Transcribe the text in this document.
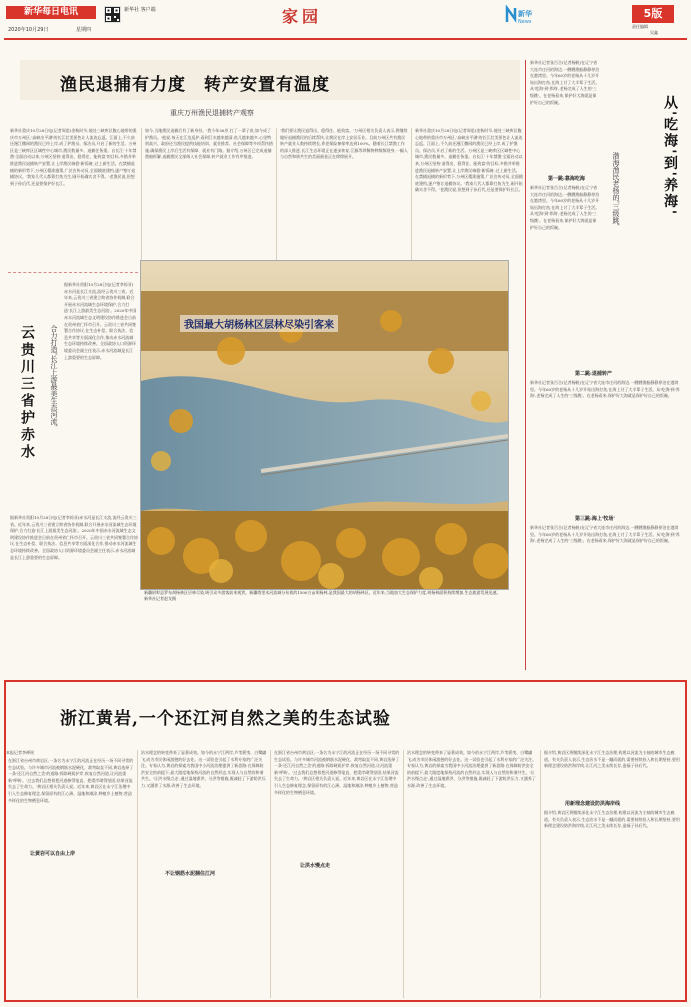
新华每日电讯
2020年10月29日	星期四
新华社 客户端	家园	新华
News
5版
责任编辑
吴鑫
渔民退捕有力度　转产安置有温度
重庆万州渔民退捕转产观察
新华社重庆10月28日电(记者周思)金秋时节,地处三峡库区腹心地带的重庆市万州区,'高峡出平湖'的长江壮美景色让人流连忘返。江面上,不久前还漫江撒网的渔民已经上岸,成了护渔员、保洁员,开启了新的生活。万州区是三峡库区区域性中心城市,渔民数量多、退捕任务重。自长江'十年禁渔'全面启动以来,万州区坚持'退得出、稳得住、能致富'的目标,多措并举推进渔民退捕转产安置,让上岸渔民端稳'新饭碗',过上新生活。在禁捕退捕的新形势下,万州区精准施策,广泛宣传动员,全面摸底建档,逐户签订退捕协议。'我家几代人都靠打鱼为生,刚开始确实舍不得。'老渔民说,但想到子孙后代,还是要保护好长江。
如今,当地渔民退捕后有了新身份。'我今年56岁,打了一辈子鱼,如今成了护渔员。'他说,每天在江边巡护,看到江水越来越清,鱼儿越来越多,心里特别高兴。政府还为渔民提供技能培训、就业推荐、社会保障等多项帮扶措施,确保渔民上岸后生活有保障、就业有门路。据介绍,万州区已完成退捕渔船拆解,退捕渔民全部纳入社会保障,转产就业工作有序推进。
'我们要让渔民退得出、稳得住、能致富。'万州区相关负责人表示,将继续做好退捕渔民的后续帮扶,让渔民在岸上安居乐业。目前万州区共有渔民转产就业人数持续增长,养老保险参保率达到100%。随着长江禁渔工作的深入推进,长江生态环境正在逐步恢复,江豚等珍稀物种频频现身,一幅人与自然和谐共生的美丽画卷正在徐徐展开。
新华社重庆10月28日电(记者周思)金秋时节,地处三峡库区腹心地带的重庆市万州区,'高峡出平湖'的长江壮美景色让人流连忘返。江面上,不久前还漫江撒网的渔民已经上岸,成了护渔员、保洁员,开启了新的生活。万州区是三峡库区区域性中心城市,渔民数量多、退捕任务重。自长江'十年禁渔'全面启动以来,万州区坚持'退得出、稳得住、能致富'的目标,多措并举推进渔民退捕转产安置,让上岸渔民端稳'新饭碗',过上新生活。在禁捕退捕的新形势下,万州区精准施策,广泛宣传动员,全面摸底建档,逐户签订退捕协议。'我家几代人都靠打鱼为生,刚开始确实舍不得。'老渔民说,但想到子孙后代,还是要保护好长江。
云贵川三省护赤水	合力打造'长江上游最美生态河流'
据新华社贵阳10月28日电(记者李惊亚)赤水河是长江支流,流经云贵川三省。近年来,云贵川三省建立跨省协作机制,联合开展赤水河流域生态环境保护,合力打造'长江上游最美生态河流'。2020年中国赤水河流域生态文明建设协作推进会日前在贵州省仁怀市召开。云贵川三省共同签署合作协议,在生态补偿、联合执法、信息共享等方面深化合作,推动赤水河流域生态环境持续改善。全国政协人口资源环境委员会副主任表示,赤水河流域是长江上游重要的生态屏障。
据新华社贵阳10月28日电(记者李惊亚)赤水河是长江支流,流经云贵川三省。近年来,云贵川三省建立跨省协作机制,联合开展赤水河流域生态环境保护,合力打造'长江上游最美生态河流'。2020年中国赤水河流域生态文明建设协作推进会日前在贵州省仁怀市召开。云贵川三省共同签署合作协议,在生态补偿、联合执法、信息共享等方面深化合作,推动赤水河流域生态环境持续改善。全国政协人口资源环境委员会副主任表示,赤水河流域是长江上游重要的生态屏障。
我国最大胡杨林区层林尽染引客来
新疆尉犁县罗布胡杨林区层林尽染,吸引众多游客前来观赏。新疆塔里木河流域分布着约1500万亩胡杨林,是我国最大的胡杨林区。近年来,当地加大生态保护力度,胡杨林面积持续增加,生态旅游发展迅速。新华社记者赵戈摄
新华社记者张百合(记者杨帆)在辽宁省大连市庄河的海边,一艘艘渔船静静停泊在港湾里。今年60岁的老杨从十几岁开始出海打鱼,在海上讨了大半辈子生活。从'吃海'到'养海',老杨完成了人生的'三级跳'。在老杨看来,保护好大海就是保护好自己的饭碗。	从'吃海'到'养海'
渤海渔民老杨的'三级跳'
第一跳:靠海吃海
新华社记者张百合(记者杨帆)在辽宁省大连市庄河的海边,一艘艘渔船静静停泊在港湾里。今年60岁的老杨从十几岁开始出海打鱼,在海上讨了大半辈子生活。从'吃海'到'养海',老杨完成了人生的'三级跳'。在老杨看来,保护好大海就是保护好自己的饭碗。
第二跳:退捕转产
新华社记者张百合(记者杨帆)在辽宁省大连市庄河的海边,一艘艘渔船静静停泊在港湾里。今年60岁的老杨从十几岁开始出海打鱼,在海上讨了大半辈子生活。从'吃海'到'养海',老杨完成了人生的'三级跳'。在老杨看来,保护好大海就是保护好自己的饭碗。
第三跳:海上'牧场'
新华社记者张百合(记者杨帆)在辽宁省大连市庄河的海边,一艘艘渔船静静停泊在港湾里。今年60岁的老杨从十几岁开始出海打鱼,在海上讨了大半辈子生活。从'吃海'到'养海',老杨完成了人生的'三级跳'。在老杨看来,保护好大海就是保护好自己的饭碗。
浙江黄岩,一个还江河自然之美的生态试验
本报记者李禅瑶
在浙江省台州市黄岩区,一条名为永宁江的河流正在经历一场不同寻常的生态试验。与许多城市河流被钢筋水泥硬化、裁弯取直不同,黄岩选择了一条'还江河自然之美'的道路:拆除硬质护岸,恢复自然河道,让河流重新'呼吸'。'过去我们总想着把河道修得笔直、把堤岸砌得坚固,结果河流失去了生命力。'黄岩区相关负责人说。近年来,黄岩区在永宁江治理中引入生态修复理念,保留原有的江心洲、湿地和滩涂,种植乡土植物,营造多样化的生物栖息环境。
让黄岩可以自由上岸
治水理念的转变带来了显著成效。如今的永宁江两岸,芦苇摇曳、白鹭翩飞,成为市民休闲游憩的好去处。这一试验也引起了水利专家的广泛关注。专家认为,黄岩的探索为我国中小河流治理提供了新思路:在保障防洪安全的前提下,最大限度地保持河流的自然形态,实现人与自然的和谐共生。'让洪水慢点走',通过湿地滞洪、分洪等措施,既减轻了下游防洪压力,又涵养了水源,改善了生态环境。
不让钢筋水泥捆住江河
在浙江省台州市黄岩区,一条名为永宁江的河流正在经历一场不同寻常的生态试验。与许多城市河流被钢筋水泥硬化、裁弯取直不同,黄岩选择了一条'还江河自然之美'的道路:拆除硬质护岸,恢复自然河道,让河流重新'呼吸'。'过去我们总想着把河道修得笔直、把堤岸砌得坚固,结果河流失去了生命力。'黄岩区相关负责人说。近年来,黄岩区在永宁江治理中引入生态修复理念,保留原有的江心洲、湿地和滩涂,种植乡土植物,营造多样化的生物栖息环境。
让洪水慢点走
治水理念的转变带来了显著成效。如今的永宁江两岸,芦苇摇曳、白鹭翩飞,成为市民休闲游憩的好去处。这一试验也引起了水利专家的广泛关注。专家认为,黄岩的探索为我国中小河流治理提供了新思路:在保障防洪安全的前提下,最大限度地保持河流的自然形态,实现人与自然的和谐共生。'让洪水慢点走',通过湿地滞洪、分洪等措施,既减轻了下游防洪压力,又涵养了水源,改善了生态环境。
据介绍,黄岩区将继续深化永宁江生态治理,构建以河流为主轴的城市生态廊道。有关负责人表示,生态治水不是一蹴而就的,需要持续投入和长期坚持,要用新理念建设防洪海岸线,让江河之美永续长存,造福子孙后代。
用新理念建设防洪海岸线
据介绍,黄岩区将继续深化永宁江生态治理,构建以河流为主轴的城市生态廊道。有关负责人表示,生态治水不是一蹴而就的,需要持续投入和长期坚持,要用新理念建设防洪海岸线,让江河之美永续长存,造福子孙后代。
